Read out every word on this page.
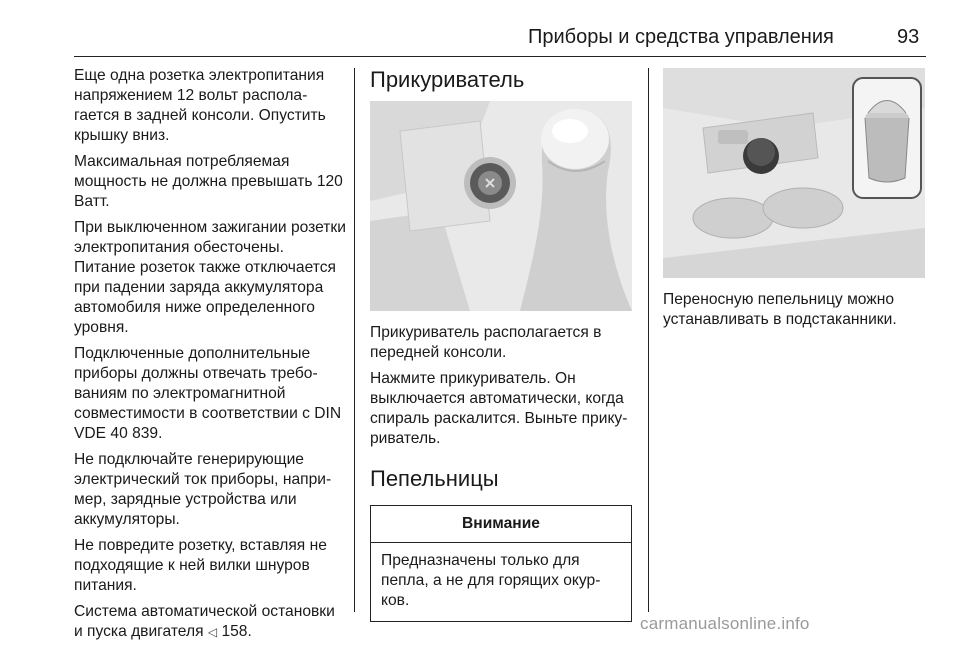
Приборы и средства управления	93

Еще одна розетка электропитания напряжением 12 вольт располагается в задней консоли. Опустить крышку вниз.

Максимальная потребляемая мощность не должна превышать 120 Ватт.

При выключенном зажигании розетки электропитания обесточены. Питание розеток также отключается при падении заряда аккумулятора автомобиля ниже определенного уровня.

Подключенные дополнительные приборы должны отвечать требованиям по электромагнитной совместимости в соответствии с DIN VDE 40 839.

Не подключайте генерирующие электрический ток приборы, например, зарядные устройства или аккумуляторы.

Не повредите розетку, вставляя не подходящие к ней вилки шнуров питания.

Система автоматической остановки и пуска двигателя ◁ 158.

Прикуриватель

Прикуриватель располагается в передней консоли.

Нажмите прикуриватель. Он выключается автоматически, когда спираль раскалится. Выньте прикуриватель.

Пепельницы
Внимание
Предназначены только для пепла, а не для горящих окурков.

Переносную пепельницу можно устанавливать в подстаканники.

carmanualsonline.info
